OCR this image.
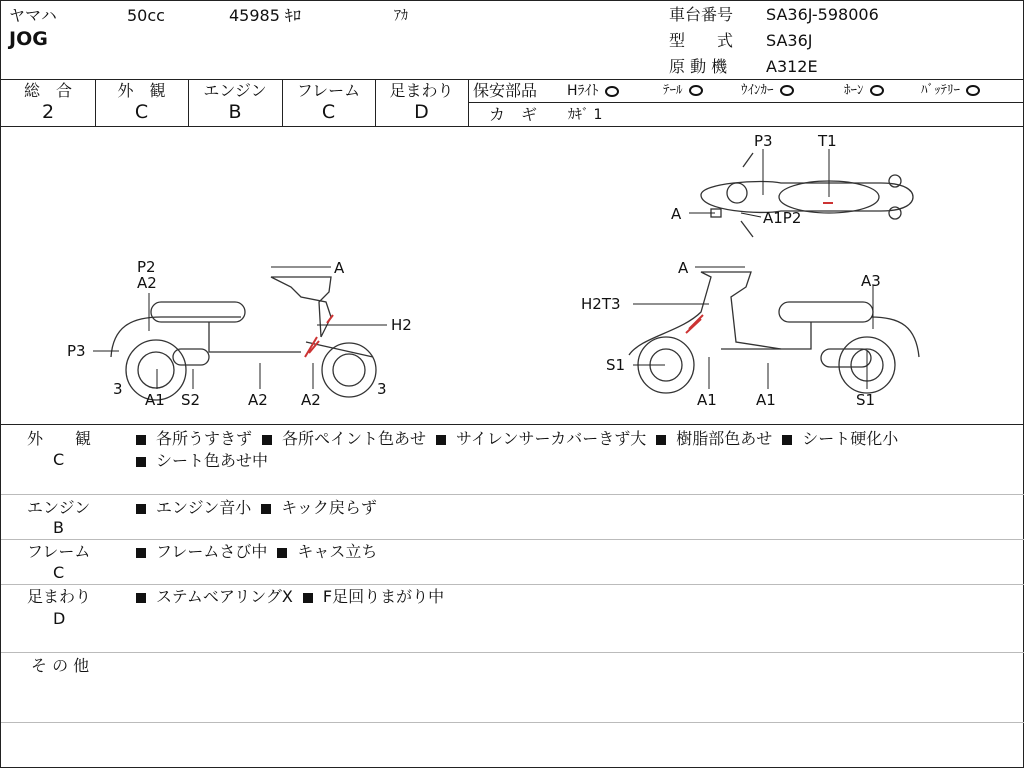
ヤマハ	50cc	45985 ｷﾛ	ｱｶ
JOG
車台番号 SA36J-598006
型　　式 SA36J
原 動 機 A312E
総　合
2
外　観
C
エンジン
B
フレーム
C
足まわり
D
保安部品 Hﾗｲﾄ	ﾃｰﾙ	ｳｲﾝｶｰ	ﾎｰﾝ	ﾊﾞｯﾃﾘｰ
カ　ギ ｶｷﾞ 1
P3	T1
A	A1P2
P2
A2
A
H2
P3
3	3
A1 S2	A2 A2
A
A3
H2T3
S1
A1	A1	S1
外　　観
C
各所うすきず 各所ペイント色あせ サイレンサーカバーきず大 樹脂部色あせ シート硬化小
シート色あせ中
エンジン
B
エンジン音小 キック戻らず
フレーム
C
フレームさび中 キャス立ち
足まわり
D
ステムベアリングX F足回りまがり中
そ の 他
